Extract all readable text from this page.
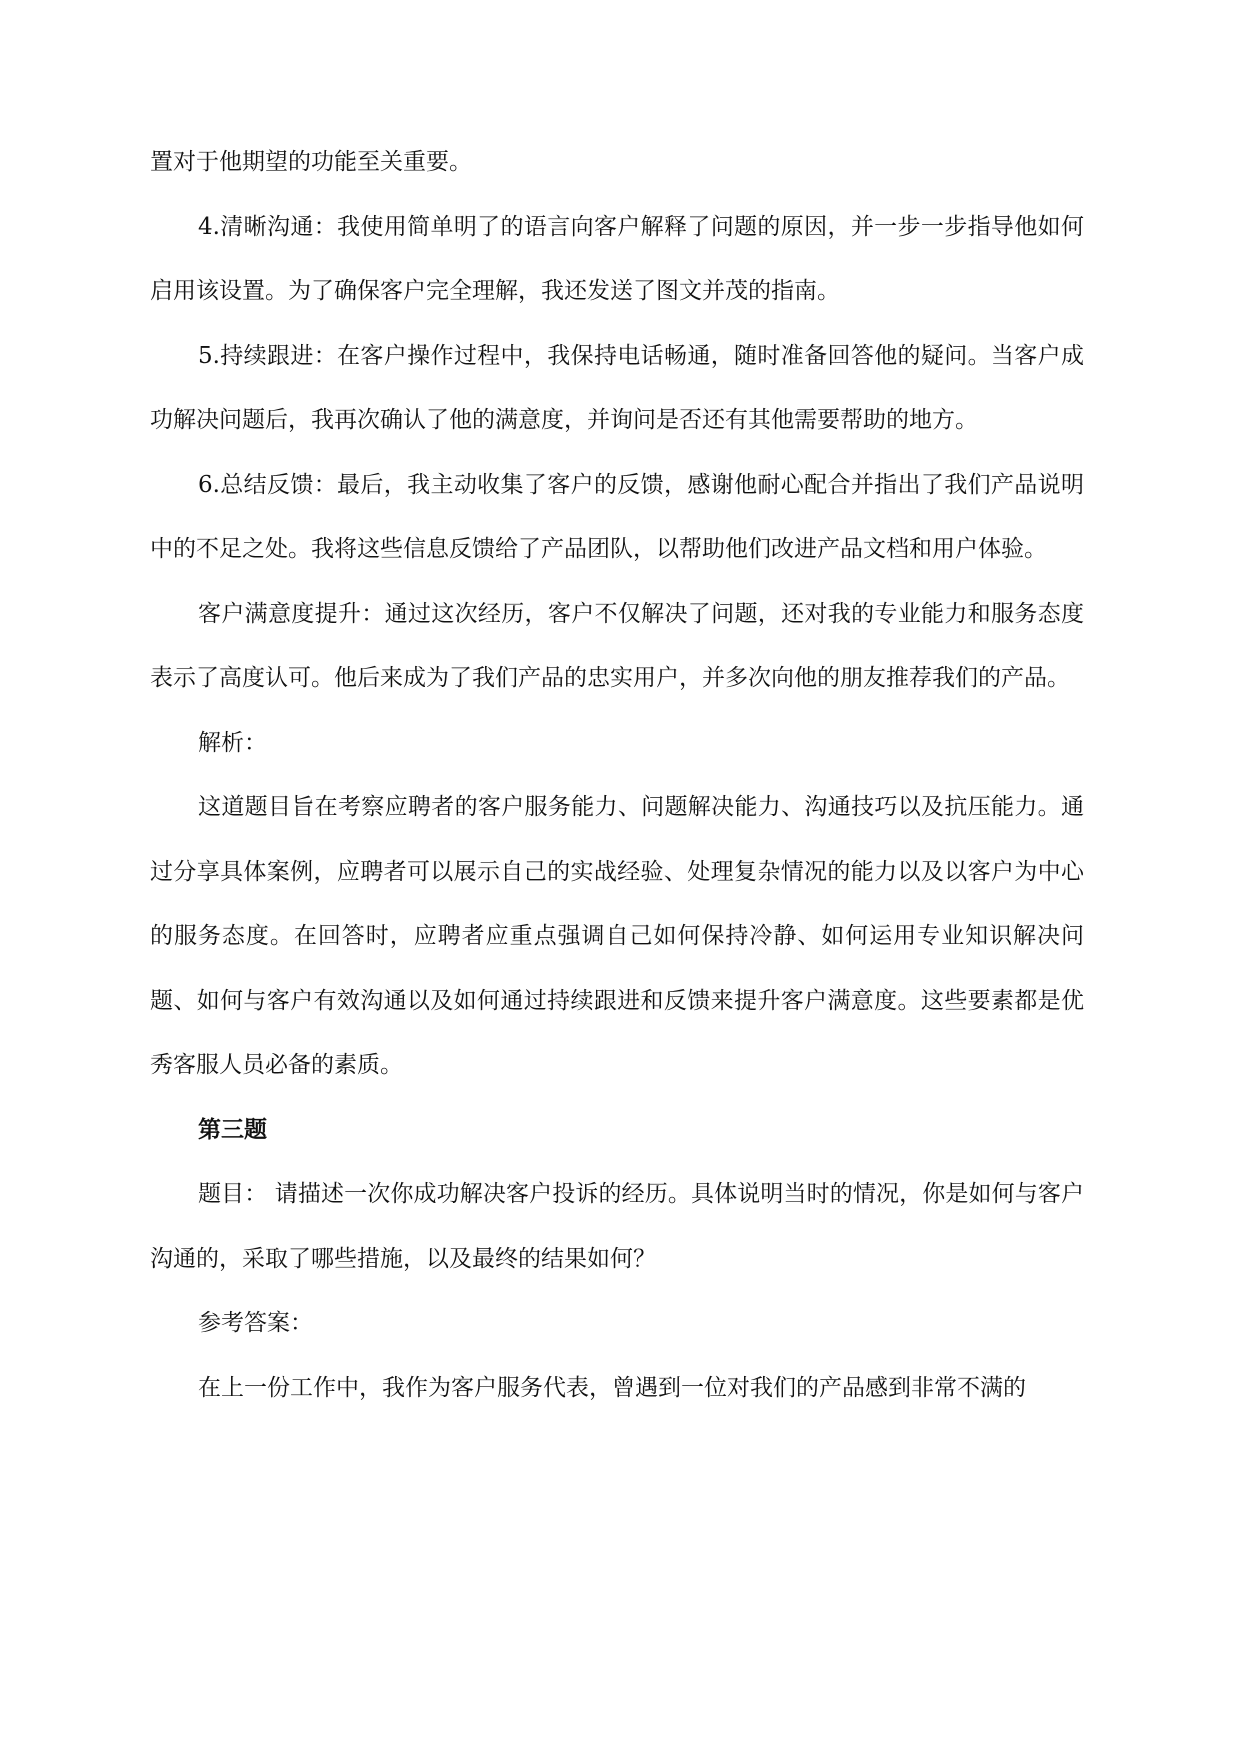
置对于他期望的功能至关重要。

4.清晰沟通：我使用简单明了的语言向客户解释了问题的原因，并一步一步指导他如何启用该设置。为了确保客户完全理解，我还发送了图文并茂的指南。

5.持续跟进：在客户操作过程中，我保持电话畅通，随时准备回答他的疑问。当客户成功解决问题后，我再次确认了他的满意度，并询问是否还有其他需要帮助的地方。

6.总结反馈：最后，我主动收集了客户的反馈，感谢他耐心配合并指出了我们产品说明中的不足之处。我将这些信息反馈给了产品团队，以帮助他们改进产品文档和用户体验。

客户满意度提升：通过这次经历，客户不仅解决了问题，还对我的专业能力和服务态度表示了高度认可。他后来成为了我们产品的忠实用户，并多次向他的朋友推荐我们的产品。

解析：

这道题目旨在考察应聘者的客户服务能力、问题解决能力、沟通技巧以及抗压能力。通过分享具体案例，应聘者可以展示自己的实战经验、处理复杂情况的能力以及以客户为中心的服务态度。在回答时，应聘者应重点强调自己如何保持冷静、如何运用专业知识解决问题、如何与客户有效沟通以及如何通过持续跟进和反馈来提升客户满意度。这些要素都是优秀客服人员必备的素质。

第三题

题目： 请描述一次你成功解决客户投诉的经历。具体说明当时的情况，你是如何与客户沟通的，采取了哪些措施，以及最终的结果如何？

参考答案：

在上一份工作中，我作为客户服务代表，曾遇到一位对我们的产品感到非常不满的
